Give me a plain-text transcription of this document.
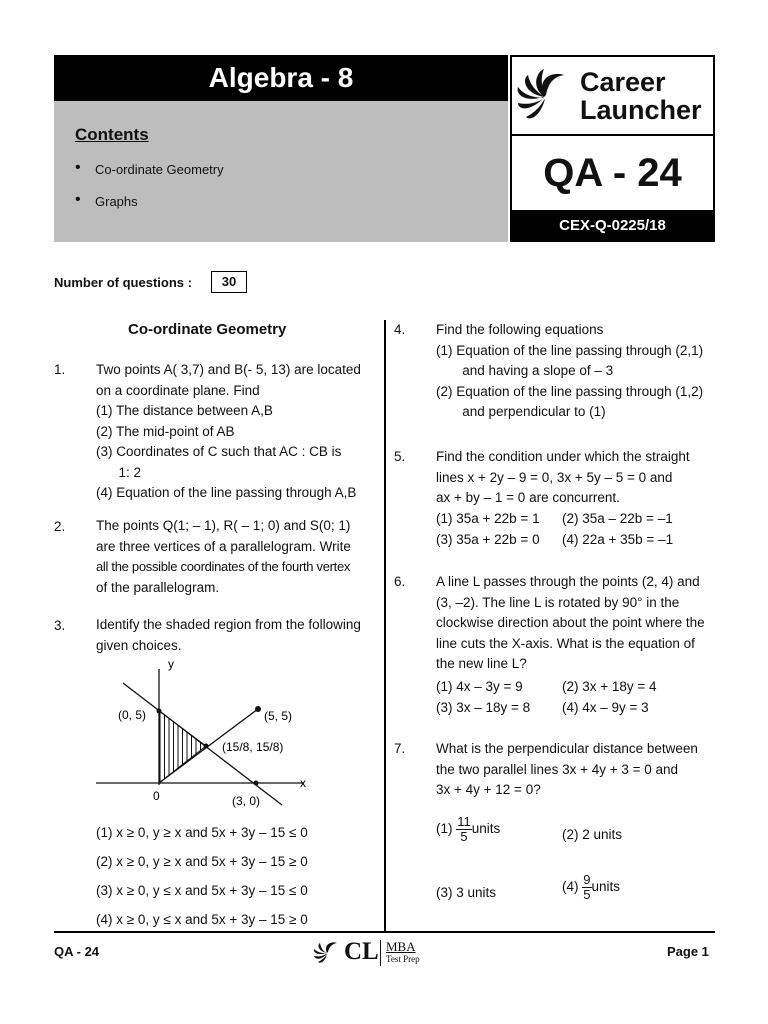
Algebra - 8
Contents
• Co-ordinate Geometry
• Graphs
Career
Launcher
QA - 24
CEX-Q-0225/18
Number of questions :	30
Co-ordinate Geometry
1. Two points A( 3,7) and B(- 5, 13) are located
on a coordinate plane. Find
(1) The distance between A,B
(2) The mid-point of AB
(3) Coordinates of C such that AC : CB is
1: 2
(4) Equation of the line passing through A,B
2. The points Q(1; – 1), R( – 1; 0) and S(0; 1)
are three vertices of a parallelogram. Write
all the possible coordinates of the fourth vertex
of the parallelogram.
3. Identify the shaded region from the following
given choices.
y
x
0
(0, 5)	(5, 5)
(15/8, 15/8)
(3, 0)
(1) x ≥ 0, y ≥ x and 5x + 3y – 15 ≤ 0
(2) x ≥ 0, y ≥ x and 5x + 3y – 15 ≥ 0
(3) x ≥ 0, y ≤ x and 5x + 3y – 15 ≤ 0
(4) x ≥ 0, y ≤ x and 5x + 3y – 15 ≥ 0
4. Find the following equations
(1) Equation of the line passing through (2,1)
and having a slope of – 3
(2) Equation of the line passing through (1,2)
and perpendicular to (1)
5. Find the condition under which the straight
lines x + 2y – 9 = 0, 3x + 5y – 5 = 0 and
ax + by – 1 = 0 are concurrent.
(1) 35a + 22b = 1 (2) 35a – 22b = –1
(3) 35a + 22b = 0 (4) 22a + 35b = –1
6. A line L passes through the points (2, 4) and
(3, –2). The line L is rotated by 90° in the
clockwise direction about the point where the
line cuts the X-axis. What is the equation of
the new line L?
(1) 4x – 3y = 9	(2) 3x + 18y = 4
(3) 3x – 18y = 8 (4) 4x – 9y = 3
7. What is the perpendicular distance between
the two parallel lines 3x + 4y + 3 = 0 and
3x + 4y + 12 = 0?
$(1) \frac{11}{5}$ units	(2) 2 units
(3) 3 units	$(4) \frac{9}{5}$ units
QA - 24	CL MBA
Test Prep	Page 1
